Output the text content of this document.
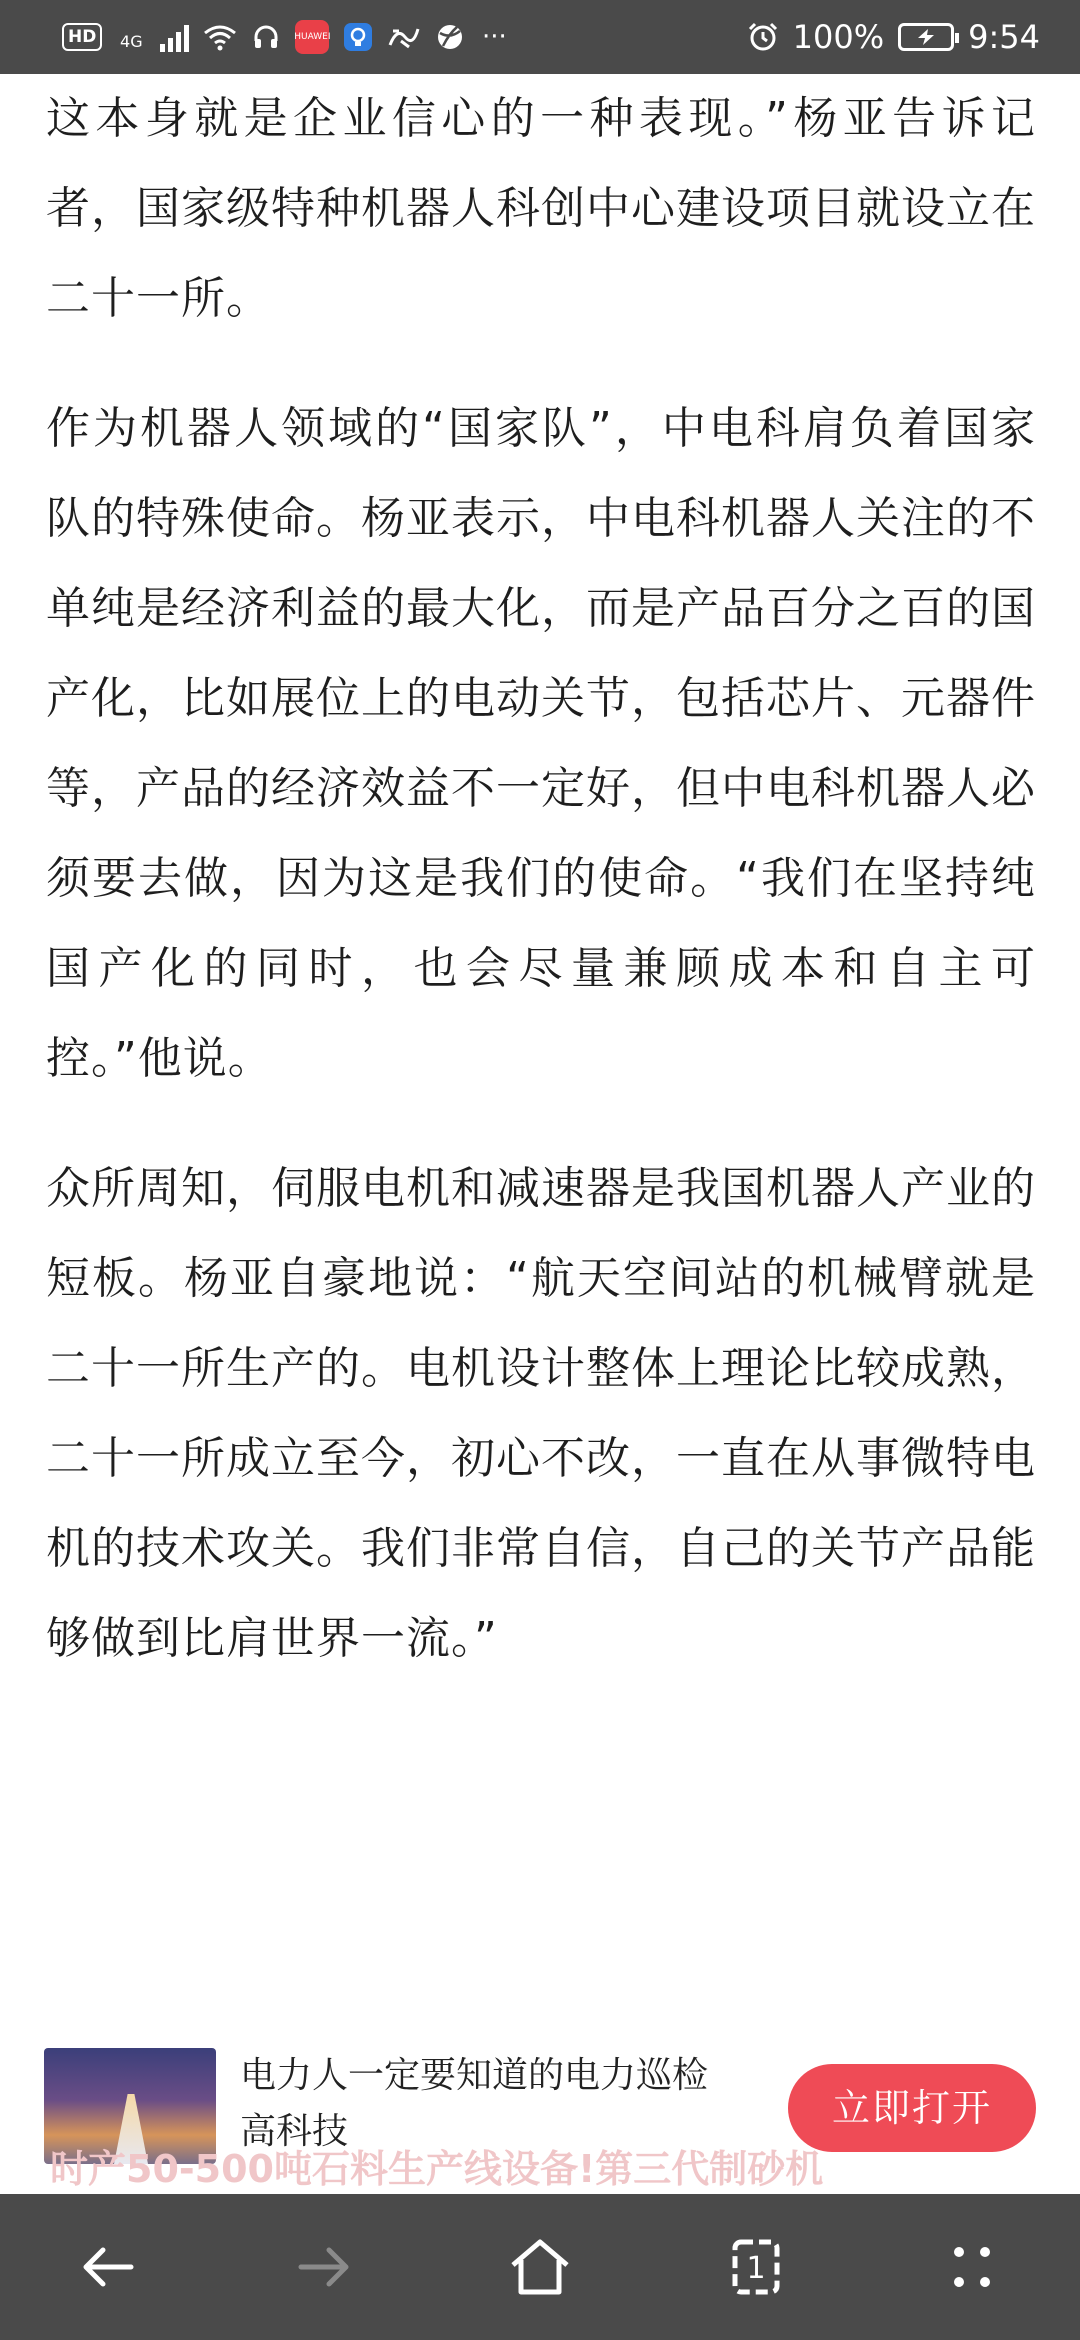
HD	4G	HUAWEI	···	100%	9:54

这本身就是企业信心的一种表现。”杨亚告诉记者，国家级特种机器人科创中心建设项目就设立在二十一所。

作为机器人领域的“国家队”，中电科肩负着国家队的特殊使命。杨亚表示，中电科机器人关注的不单纯是经济利益的最大化，而是产品百分之百的国产化，比如展位上的电动关节，包括芯片、元器件等，产品的经济效益不一定好，但中电科机器人必须要去做，因为这是我们的使命。“我们在坚持纯国产化的同时，也会尽量兼顾成本和自主可控。”他说。

众所周知，伺服电机和减速器是我国机器人产业的短板。杨亚自豪地说：“航天空间站的机械臂就是二十一所生产的。电机设计整体上理论比较成熟，二十一所成立至今，初心不改，一直在从事微特电机的技术攻关。我们非常自信，自己的关节产品能够做到比肩世界一流。”

电力人一定要知道的电力巡检高科技
立即打开
时产50-500吨石料生产线设备!第三代制砂机
1
